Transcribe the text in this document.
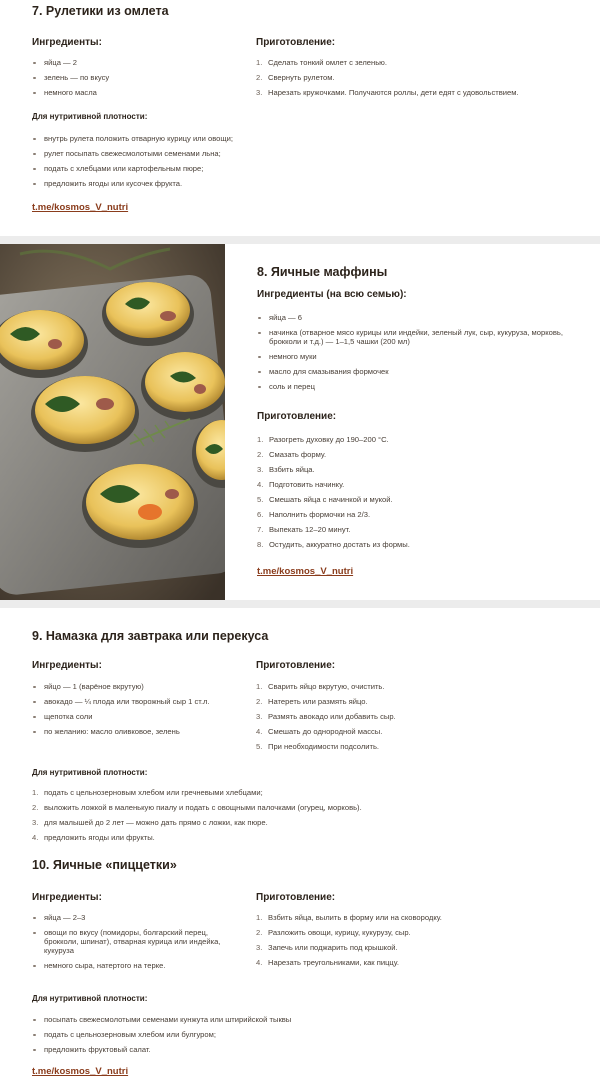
7. Рулетики из омлета
Ингредиенты:
яйца — 2
зелень — по вкусу
немного масла
Приготовление:
1. Сделать тонкий омлет с зеленью.
2. Свернуть рулетом.
3. Нарезать кружочками. Получаются роллы, дети едят с удовольствием.
Для нутритивной плотности:
внутрь рулета положить отварную курицу или овощи;
рулет посыпать свежесмолотыми семенами льна;
подать с хлебцами или картофельным пюре;
предложить ягоды или кусочек фрукта.
t.me/kosmos_V_nutri
8. Яичные маффины
Ингредиенты (на всю семью):
яйца — 6
начинка (отварное мясо курицы или индейки, зеленый лук, сыр, кукуруза, морковь, брокколи и т.д.) — 1–1,5 чашки (200 мл)
немного муки
масло для смазывания формочек
соль и перец
Приготовление:
1. Разогреть духовку до 190–200 °С.
2. Смазать форму.
3. Взбить яйца.
4. Подготовить начинку.
5. Смешать яйца с начинкой и мукой.
6. Наполнить формочки на 2/3.
7. Выпекать 12–20 минут.
8. Остудить, аккуратно достать из формы.
t.me/kosmos_V_nutri
9. Намазка для завтрака или перекуса
Ингредиенты:
яйцо — 1 (варёное вкрутую)
авокадо — ¼ плода или творожный сыр 1 ст.л.
щепотка соли
по желанию: масло оливковое, зелень
Приготовление:
1. Сварить яйцо вкрутую, очистить.
2. Натереть или размять яйцо.
3. Размять авокадо или добавить сыр.
4. Смешать до однородной массы.
5. При необходимости подсолить.
Для нутритивной плотности:
1. подать с цельнозерновым хлебом или гречневыми хлебцами;
2. выложить ложкой в маленькую пиалу и подать с овощными палочками (огурец, морковь).
3. для малышей до 2 лет — можно дать прямо с ложки, как пюре.
4. предложить ягоды или фрукты.
10. Яичные «пиццетки»
Ингредиенты:
яйца — 2–3
овощи по вкусу (помидоры, болгарский перец, брокколи, шпинат), отварная курица или индейка, кукуруза
немного сыра, натертого на терке.
Приготовление:
1. Взбить яйца, вылить в форму или на сковородку.
2. Разложить овощи, курицу, кукурузу, сыр.
3. Запечь или поджарить под крышкой.
4. Нарезать треугольниками, как пиццу.
Для нутритивной плотности:
посыпать свежесмолотыми семенами кунжута или штирийской тыквы
подать с цельнозерновым хлебом или булгуром;
предложить фруктовый салат.
t.me/kosmos_V_nutri
